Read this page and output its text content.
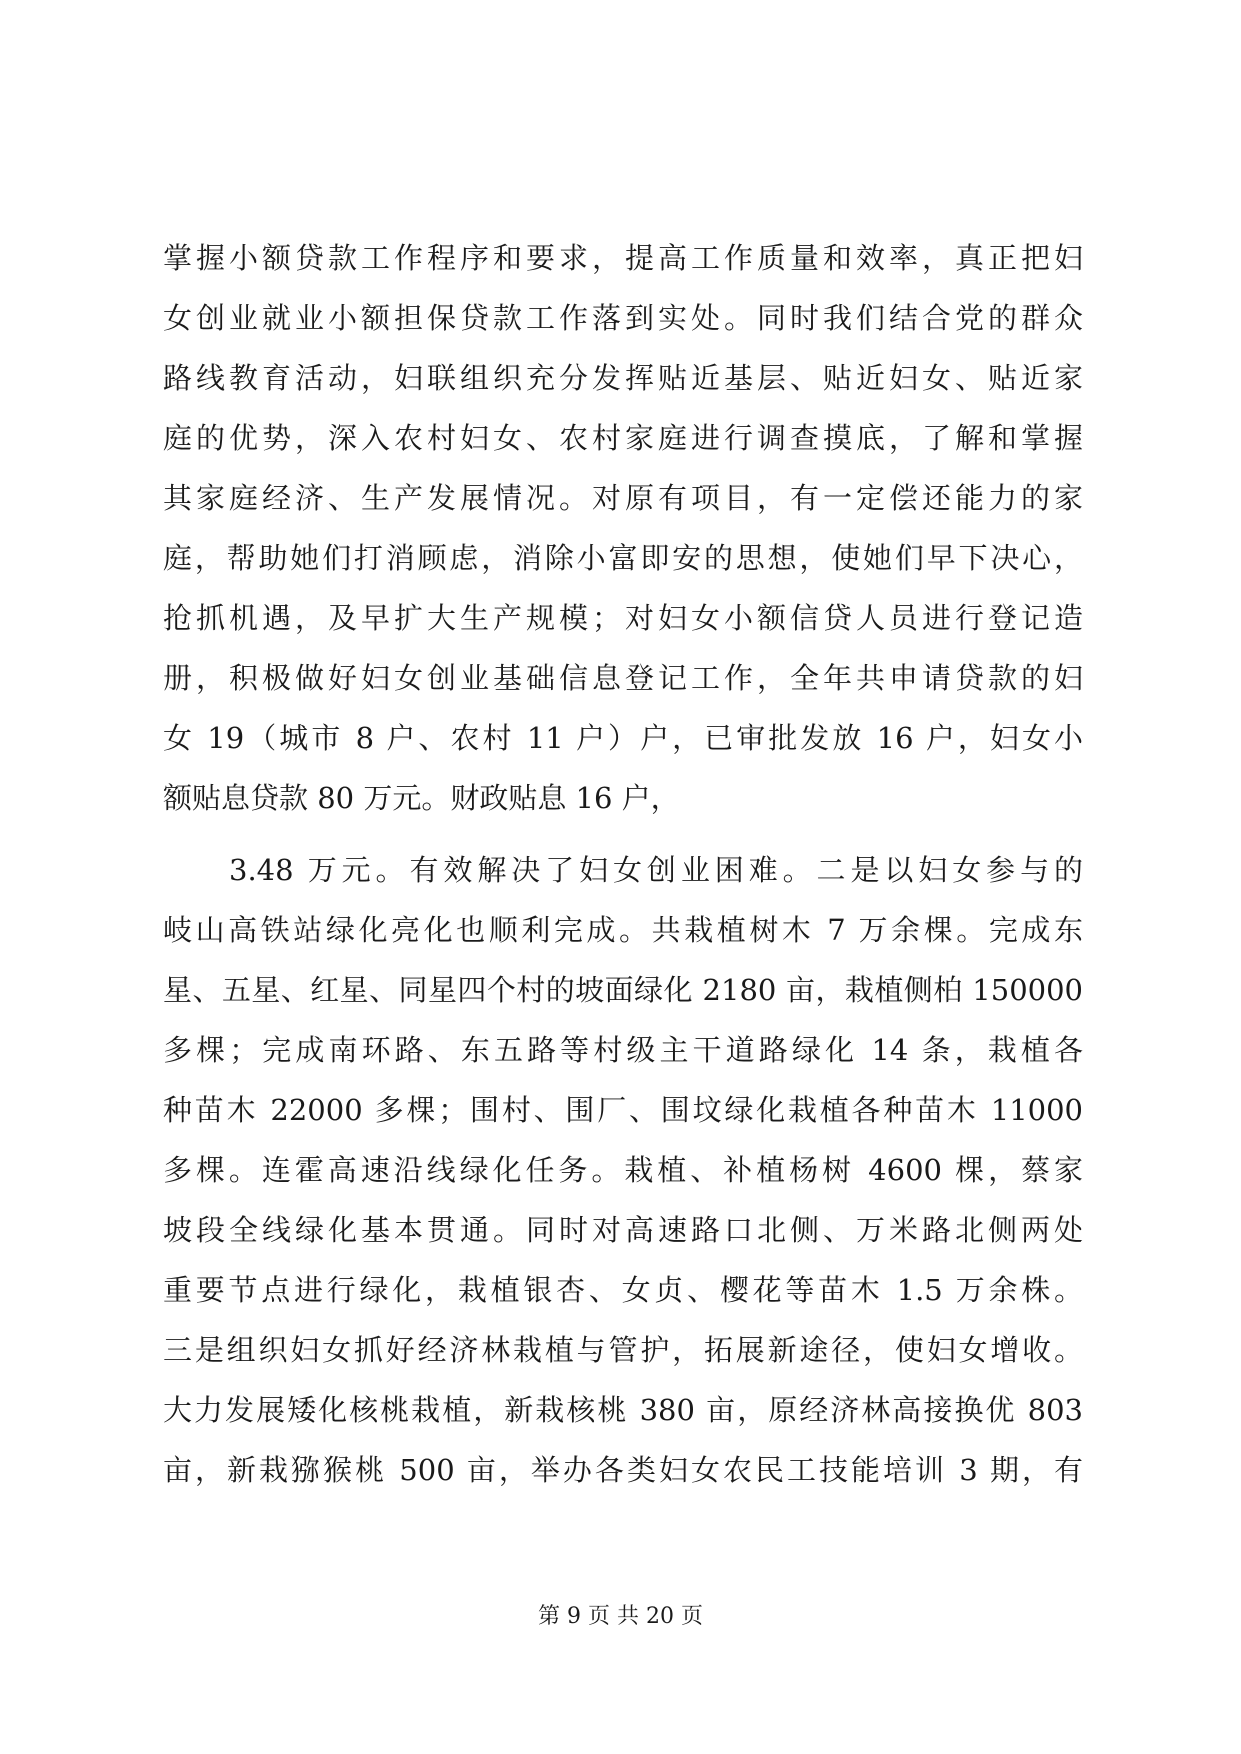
掌握小额贷款工作程序和要求，提高工作质量和效率，真正把妇
女创业就业小额担保贷款工作落到实处。同时我们结合党的群众
路线教育活动，妇联组织充分发挥贴近基层、贴近妇女、贴近家
庭的优势，深入农村妇女、农村家庭进行调查摸底，了解和掌握
其家庭经济、生产发展情况。对原有项目，有一定偿还能力的家
庭，帮助她们打消顾虑，消除小富即安的思想，使她们早下决心，
抢抓机遇，及早扩大生产规模；对妇女小额信贷人员进行登记造
册，积极做好妇女创业基础信息登记工作，全年共申请贷款的妇
女 19（城市 8 户、农村 11 户）户，已审批发放 16 户，妇女小
额贴息贷款 80 万元。财政贴息 16 户，
3.48 万元。有效解决了妇女创业困难。二是以妇女参与的
岐山高铁站绿化亮化也顺利完成。共栽植树木 7 万余棵。完成东
星、五星、红星、同星四个村的坡面绿化 2180 亩，栽植侧柏 150000
多棵；完成南环路、东五路等村级主干道路绿化 14 条，栽植各
种苗木 22000 多棵；围村、围厂、围坟绿化栽植各种苗木 11000
多棵。连霍高速沿线绿化任务。栽植、补植杨树 4600 棵，蔡家
坡段全线绿化基本贯通。同时对高速路口北侧、万米路北侧两处
重要节点进行绿化，栽植银杏、女贞、樱花等苗木 1.5 万余株。
三是组织妇女抓好经济林栽植与管护，拓展新途径，使妇女增收。
大力发展矮化核桃栽植，新栽核桃 380 亩，原经济林高接换优 803
亩，新栽猕猴桃 500 亩，举办各类妇女农民工技能培训 3 期，有
第 9 页 共 20 页
